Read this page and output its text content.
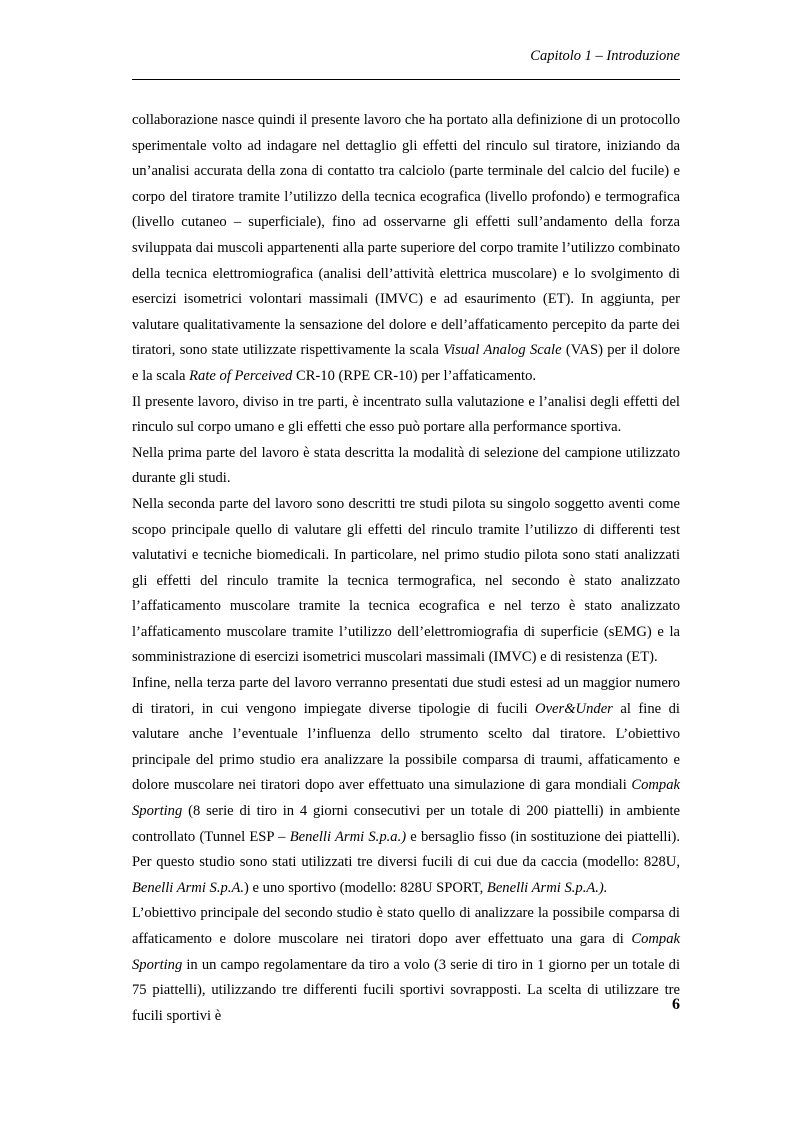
Capitolo 1 – Introduzione

collaborazione nasce quindi il presente lavoro che ha portato alla definizione di un protocollo sperimentale volto ad indagare nel dettaglio gli effetti del rinculo sul tiratore, iniziando da un’analisi accurata della zona di contatto tra calciolo (parte terminale del calcio del fucile) e corpo del tiratore tramite l’utilizzo della tecnica ecografica (livello profondo) e termografica (livello cutaneo – superficiale), fino ad osservarne gli effetti sull’andamento della forza sviluppata dai muscoli appartenenti alla parte superiore del corpo tramite l’utilizzo combinato della tecnica elettromiografica (analisi dell’attività elettrica muscolare) e lo svolgimento di esercizi isometrici volontari massimali (IMVC) e ad esaurimento (ET). In aggiunta, per valutare qualitativamente la sensazione del dolore e dell’affaticamento percepito da parte dei tiratori, sono state utilizzate rispettivamente la scala Visual Analog Scale (VAS) per il dolore e la scala Rate of Perceived CR-10 (RPE CR-10) per l’affaticamento.

Il presente lavoro, diviso in tre parti, è incentrato sulla valutazione e l’analisi degli effetti del rinculo sul corpo umano e gli effetti che esso può portare alla performance sportiva.

Nella prima parte del lavoro è stata descritta la modalità di selezione del campione utilizzato durante gli studi.

Nella seconda parte del lavoro sono descritti tre studi pilota su singolo soggetto aventi come scopo principale quello di valutare gli effetti del rinculo tramite l’utilizzo di differenti test valutativi e tecniche biomedicali. In particolare, nel primo studio pilota sono stati analizzati gli effetti del rinculo tramite la tecnica termografica, nel secondo è stato analizzato l’affaticamento muscolare tramite la tecnica ecografica e nel terzo è stato analizzato l’affaticamento muscolare tramite l’utilizzo dell’elettromiografia di superficie (sEMG) e la somministrazione di esercizi isometrici muscolari massimali (IMVC) e di resistenza (ET).

Infine, nella terza parte del lavoro verranno presentati due studi estesi ad un maggior numero di tiratori, in cui vengono impiegate diverse tipologie di fucili Over&Under al fine di valutare anche l’eventuale l’influenza dello strumento scelto dal tiratore. L’obiettivo principale del primo studio era analizzare la possibile comparsa di traumi, affaticamento e dolore muscolare nei tiratori dopo aver effettuato una simulazione di gara mondiali Compak Sporting (8 serie di tiro in 4 giorni consecutivi per un totale di 200 piattelli) in ambiente controllato (Tunnel ESP – Benelli Armi S.p.a.) e bersaglio fisso (in sostituzione dei piattelli). Per questo studio sono stati utilizzati tre diversi fucili di cui due da caccia (modello: 828U, Benelli Armi S.p.A.) e uno sportivo (modello: 828U SPORT, Benelli Armi S.p.A.).

L’obiettivo principale del secondo studio è stato quello di analizzare la possibile comparsa di affaticamento e dolore muscolare nei tiratori dopo aver effettuato una gara di Compak Sporting in un campo regolamentare da tiro a volo (3 serie di tiro in 1 giorno per un totale di 75 piattelli), utilizzando tre differenti fucili sportivi sovrapposti. La scelta di utilizzare tre fucili sportivi è

6
